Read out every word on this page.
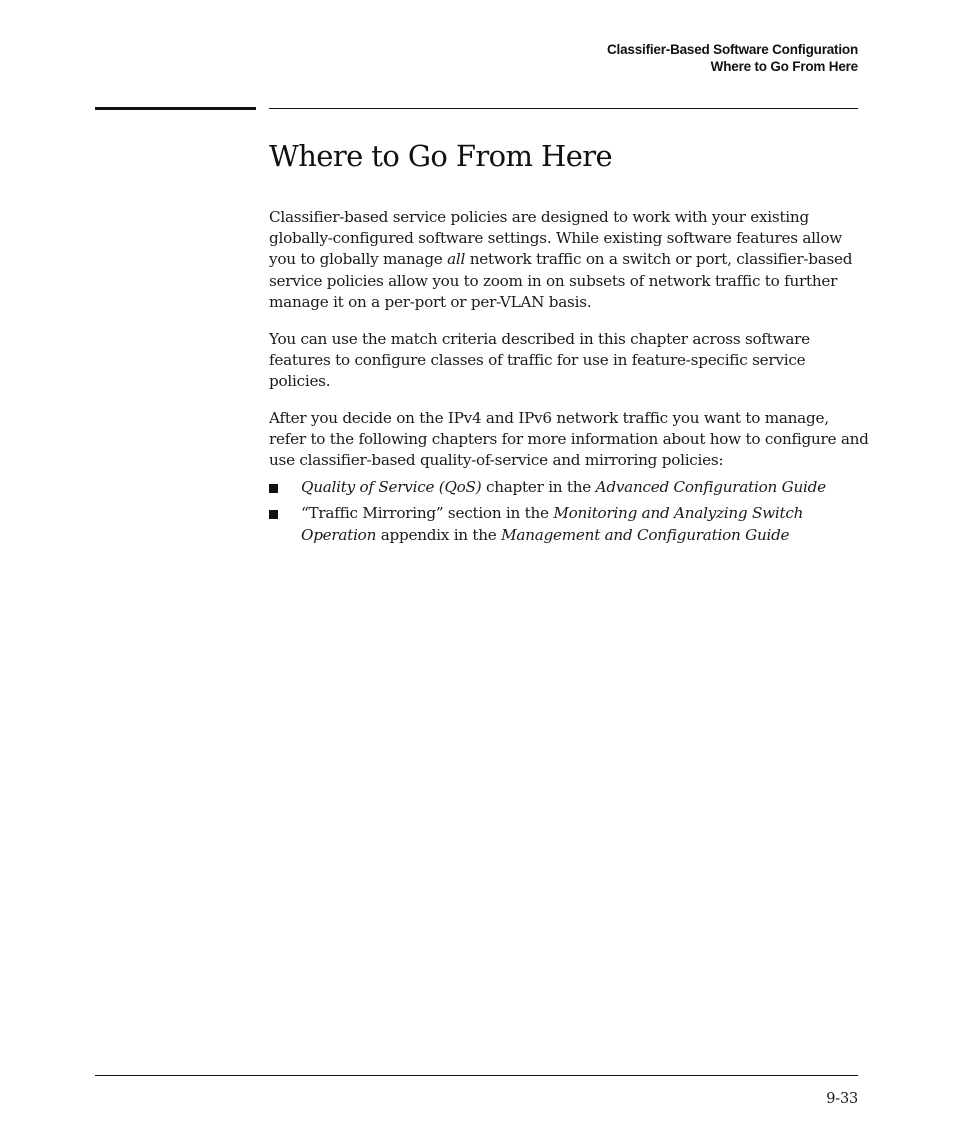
Classifier-Based Software Configuration
Where to Go From Here
Where to Go From Here

Classifier-based service policies are designed to work with your existing globally-configured software settings. While existing software features allow you to globally manage all network traffic on a switch or port, classifier-based service policies allow you to zoom in on subsets of network traffic to further manage it on a per-port or per-VLAN basis.

You can use the match criteria described in this chapter across software features to configure classes of traffic for use in feature-specific service policies.

After you decide on the IPv4 and IPv6 network traffic you want to manage, refer to the following chapters for more information about how to configure and use classifier-based quality-of-service and mirroring policies:

Quality of Service (QoS) chapter in the Advanced Configuration Guide
“Traffic Mirroring” section in the Monitoring and Analyzing Switch Operation appendix in the Management and Configuration Guide
9-33
